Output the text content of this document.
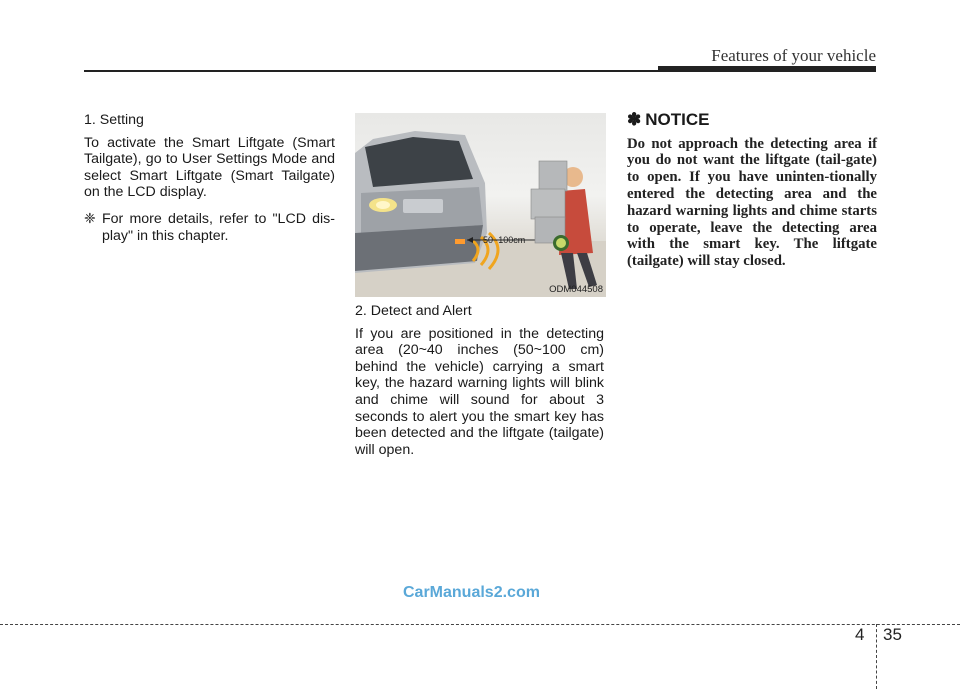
Features of your vehicle

1. Setting

To activate the Smart Liftgate (Smart Tailgate), go to User Settings Mode and select Smart Liftgate (Smart Tailgate) on the LCD display.

❈ For more details, refer to "LCD dis-play" in this chapter.	50~100cm
ODM044508

2. Detect and Alert

If you are positioned in the detecting area (20~40 inches (50~100 cm) behind the vehicle) carrying a smart key, the hazard warning lights will blink and chime will sound for about 3 seconds to alert you the smart key has been detected and the liftgate (tailgate) will open.

✽ NOTICE
Do not approach the detecting area if you do not want the liftgate (tail-gate) to open. If you have uninten-tionally entered the detecting area and the hazard warning lights and chime starts to operate, leave the detecting area with the smart key. The liftgate (tailgate) will stay closed.
CarManuals2.com
4 35
